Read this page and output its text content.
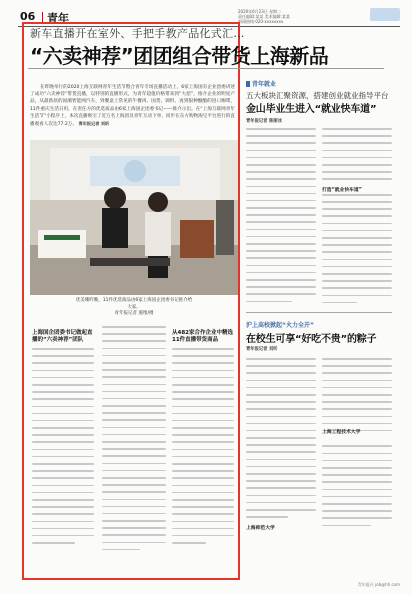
06 青年
2020年6月23日 星期二
责任编辑:某某 美术编辑:某某
新闻热线:020-xxxxxxxx
新车直播开在室外、手把手教产品化式汇…
“六卖神荐”团团组合带货上海新品
在昨晚举行的2020上海互联网青年生活节暨合青年专场直播活动上，6家上海国有企业团委讲述了成功“六卖神荐”带货直播，以特别的直播形式，为青年超值价格带来到“大招”，推介企业的明星产品，从最新款的国潮智能网汽车，到餐桌上常见的牛餐肉、国货、调料，再到限种酿酿的进口咖啡，11件重庆生活日用，在责任方的优选质品由6家上海国企团委书记——推介示出。在“上海互联网青年生活节”小程序上，本次直播吸引了近万名上海团员青年互动下单，同步在东方购物淘宝平台进行的直播观看人次达77.2万。 青年报记者 刘昕
优美珊昨晚，11件优选商品由6家上海国企团委书记推介给大家。
青年报记者 施维/摄
上海国企团委书记做起直播的“六卖神荐”团队
从482家合作企业中精选11件直播带货商品
青年就业
五大板块汇聚资源，搭建创业就业指导平台
金山毕业生进入“就业快车道”
青年报记者 陈丽冰
打造“就业快车道”
沪上高校掀起“火力全开”
在校生可享“好吃不贵”的粽子
青年报记者 刘昕
上海师范大学
上海工程技术大学
青年报社 job@hh.com
